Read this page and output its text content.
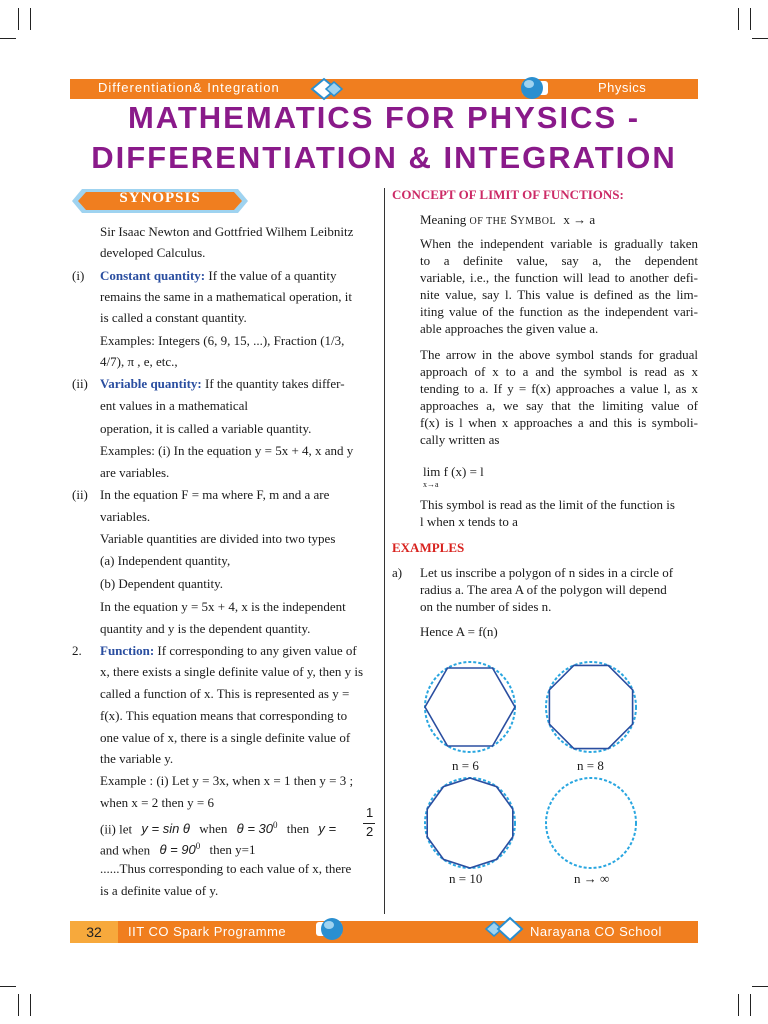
Differentiation& Integration	Physics
MATHEMATICS FOR PHYSICS -
DIFFERENTIATION & INTEGRATION
SYNOPSIS
Sir Isaac Newton and Gottfried Wilhem Leibnitz
developed Calculus.
(i) Constant quantity: If the value of a quantity
remains the same in a mathematical operation, it
is called a constant quantity.
Examples: Integers (6, 9, 15, ...), Fraction (1/3,
4/7), π , e, etc.,
(ii) Variable quantity: If the quantity takes differ-
ent values in a mathematical
operation, it is called a variable quantity.
Examples: (i) In the equation y = 5x + 4, x and y
are variables.
(ii) In the equation F = ma where F, m and a are
variables.
Variable quantities are divided into two types
(a) Independent quantity,
(b) Dependent quantity.
In the equation y = 5x + 4, x is the independent
quantity and y is the dependent quantity.
2. Function: If corresponding to any given value of
x, there exists a single definite value of y, then y is
called a function of x. This is represented as y =
f(x). This equation means that corresponding to
one value of x, there is a single definite value of
the variable y.
Example : (i) Let y = 3x, when x = 1 then y = 3 ;
when x = 2 then y = 6
(ii) let y = sin θ when $\theta = 30^0$ then y =
1
2
and when $\theta = 90^0$ then y=1
......Thus corresponding to each value of x, there
is a definite value of y.
CONCEPT OF LIMIT OF FUNCTIONS:
Meaning OF THE SYMBOL x → a
When the independent variable is gradually taken
to a definite value, say a, the dependent
variable, i.e., the function will lead to another defi-
nite value, say l. This value is defined as the lim-
iting value of the function as the independent vari-
able approaches the given value a.
The arrow in the above symbol stands for gradual
approach of x to a and the symbol is read as x
tending to a. If y = f(x) approaches a value l, as x
approaches a, we say that the limiting value of
f(x) is l when x approaches a and this is symboli-
cally written as
lim f (x) = l
x→a
This symbol is read as the limit of the function is
l when x tends to a
EXAMPLES
a) Let us inscribe a polygon of n sides in a circle of
radius a. The area A of the polygon will depend
on the number of sides n.
Hence A = f(n)
n = 6	n = 8
n = 10	n → ∞
32	IIT CO Spark Programme	Narayana CO School
